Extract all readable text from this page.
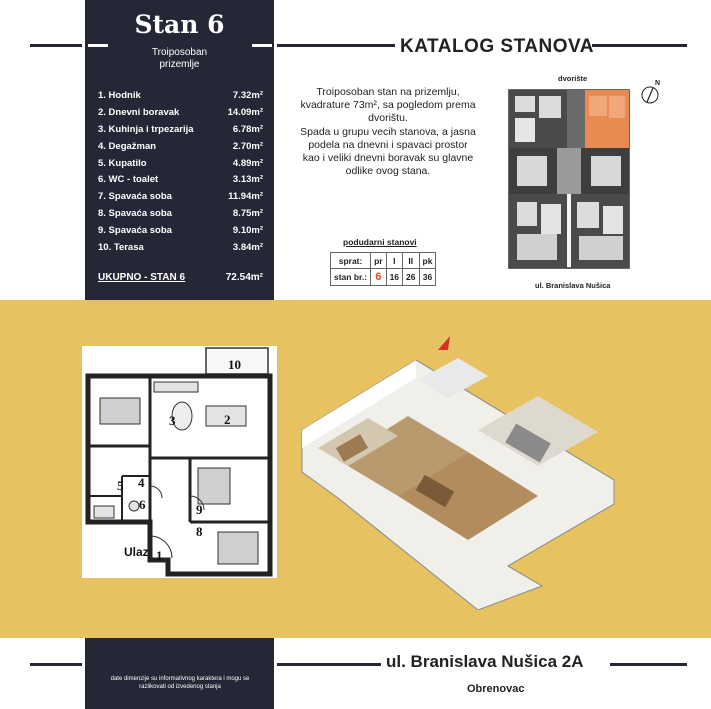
Stan 6
Troiposoban
prizemlje
1. Hodnik	7.32m²
2. Dnevni boravak	14.09m²
3. Kuhinja i trpezarija	6.78m²
4. Degažman	2.70m²
5. Kupatilo	4.89m²
6. WC - toalet	3.13m²
7. Spavaća soba	11.94m²
8. Spavaća soba	8.75m²
9. Spavaća soba	9.10m²
10. Terasa	3.84m²
UKUPNO - STAN 6	72.54m²
KATALOG STANOVA
Troiposoban stan na prizemlju,
kvadrature 73m², sa pogledom prema
dvorištu.
Spada u grupu vecih stanova, a jasna
podela na dnevni i spavaci prostor
kao i veliki dnevni boravak su glavne
odlike ovog stana.
podudarni stanovi
sprat:	pr	I	II	pk
stan br.:	6	16	26	36
dvorište
N
ul. Branislava Nušica
10
2
3
4
5
6	9
8
1
Ulaz
date dimenzije su informativnog karaktera i mogu se razlikovati od izvedenog stanja
ul. Branislava Nušica 2A
Obrenovac
